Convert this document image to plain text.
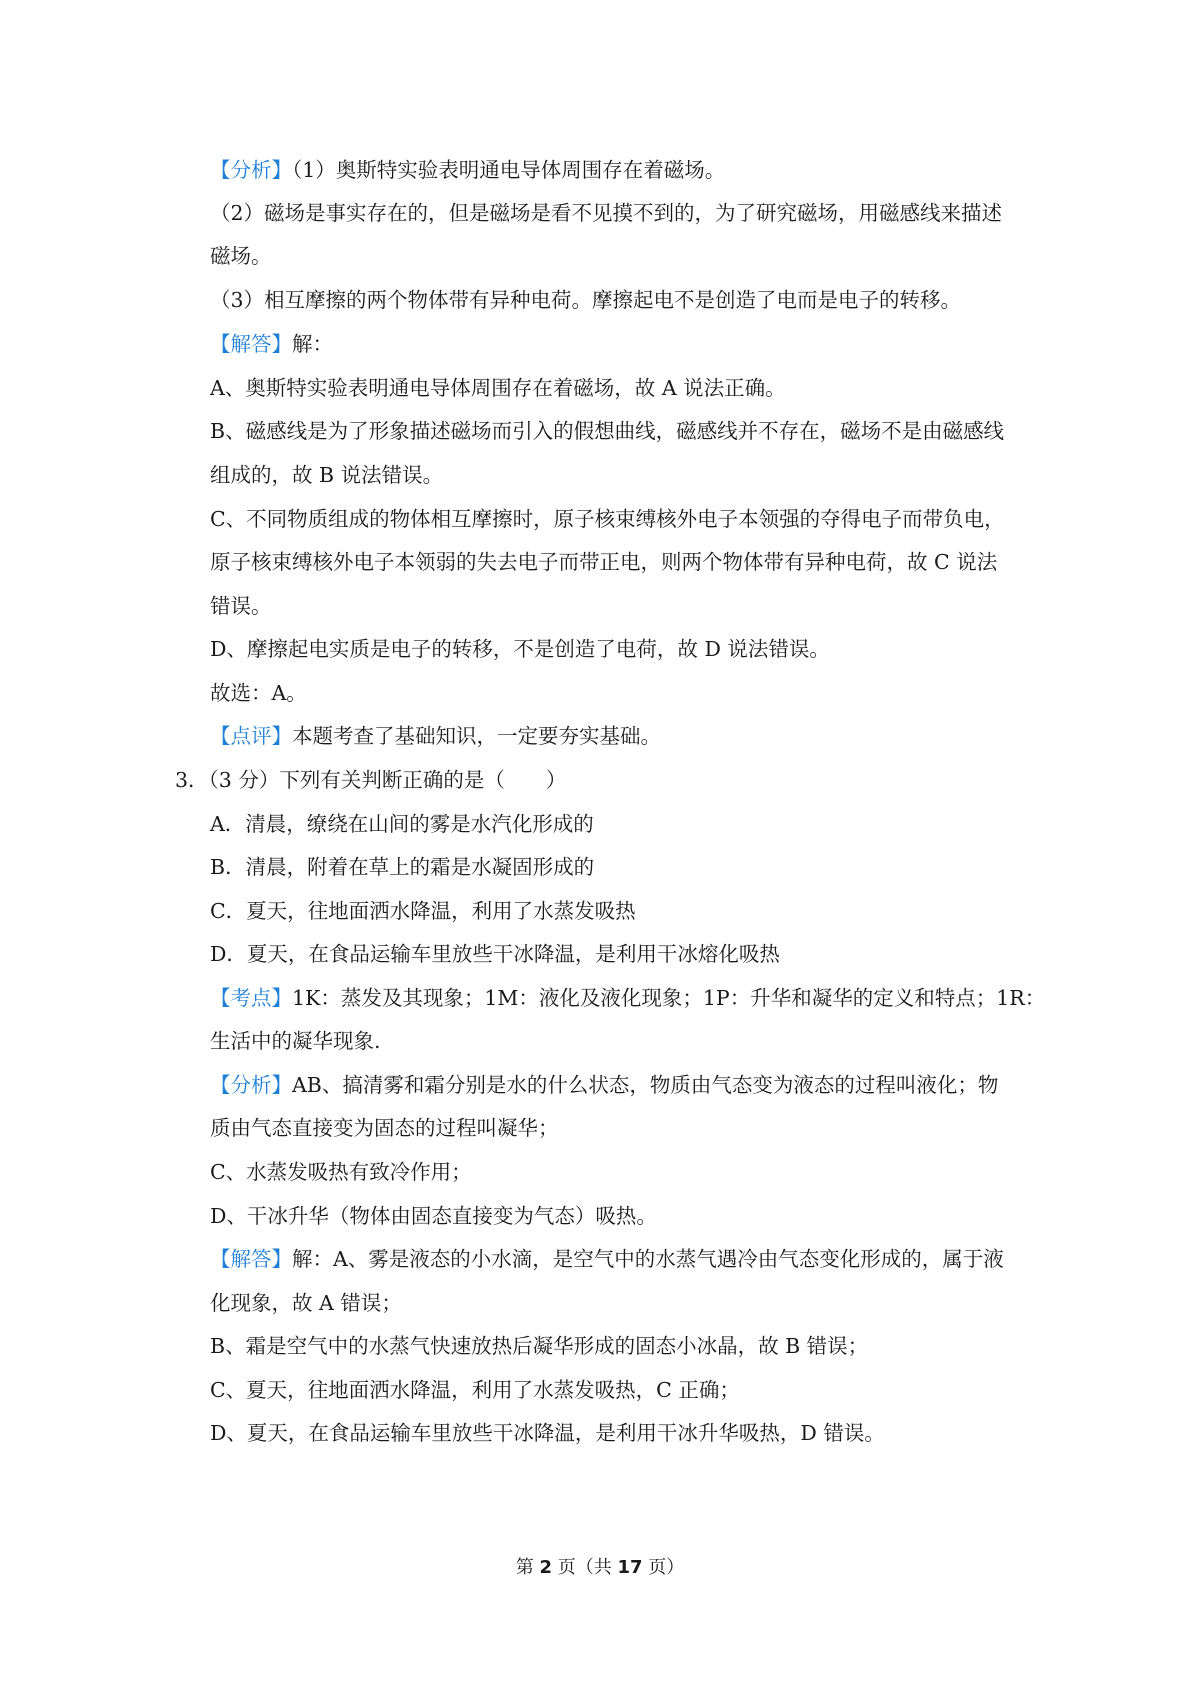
【分析】（1）奥斯特实验表明通电导体周围存在着磁场。
（2）磁场是事实存在的，但是磁场是看不见摸不到的，为了研究磁场，用磁感线来描述
磁场。
（3）相互摩擦的两个物体带有异种电荷。摩擦起电不是创造了电而是电子的转移。
【解答】解：
A、奥斯特实验表明通电导体周围存在着磁场，故 A 说法正确。
B、磁感线是为了形象描述磁场而引入的假想曲线，磁感线并不存在，磁场不是由磁感线
组成的，故 B 说法错误。
C、不同物质组成的物体相互摩擦时，原子核束缚核外电子本领强的夺得电子而带负电，
原子核束缚核外电子本领弱的失去电子而带正电，则两个物体带有异种电荷，故 C 说法
错误。
D、摩擦起电实质是电子的转移，不是创造了电荷，故 D 说法错误。
故选：A。
【点评】本题考查了基础知识，一定要夯实基础。
3．（3 分）下列有关判断正确的是（　　）
A．清晨，缭绕在山间的雾是水汽化形成的
B．清晨，附着在草上的霜是水凝固形成的
C．夏天，往地面洒水降温，利用了水蒸发吸热
D．夏天，在食品运输车里放些干冰降温，是利用干冰熔化吸热
【考点】1K：蒸发及其现象；1M：液化及液化现象；1P：升华和凝华的定义和特点；1R：
生活中的凝华现象.
【分析】AB、搞清雾和霜分别是水的什么状态，物质由气态变为液态的过程叫液化；物
质由气态直接变为固态的过程叫凝华；
C、水蒸发吸热有致冷作用；
D、干冰升华（物体由固态直接变为气态）吸热。
【解答】解：A、雾是液态的小水滴，是空气中的水蒸气遇冷由气态变化形成的，属于液
化现象，故 A 错误；
B、霜是空气中的水蒸气快速放热后凝华形成的固态小冰晶，故 B 错误；
C、夏天，往地面洒水降温，利用了水蒸发吸热，C 正确；
D、夏天，在食品运输车里放些干冰降温，是利用干冰升华吸热，D 错误。
第 2 页（共 17 页）
